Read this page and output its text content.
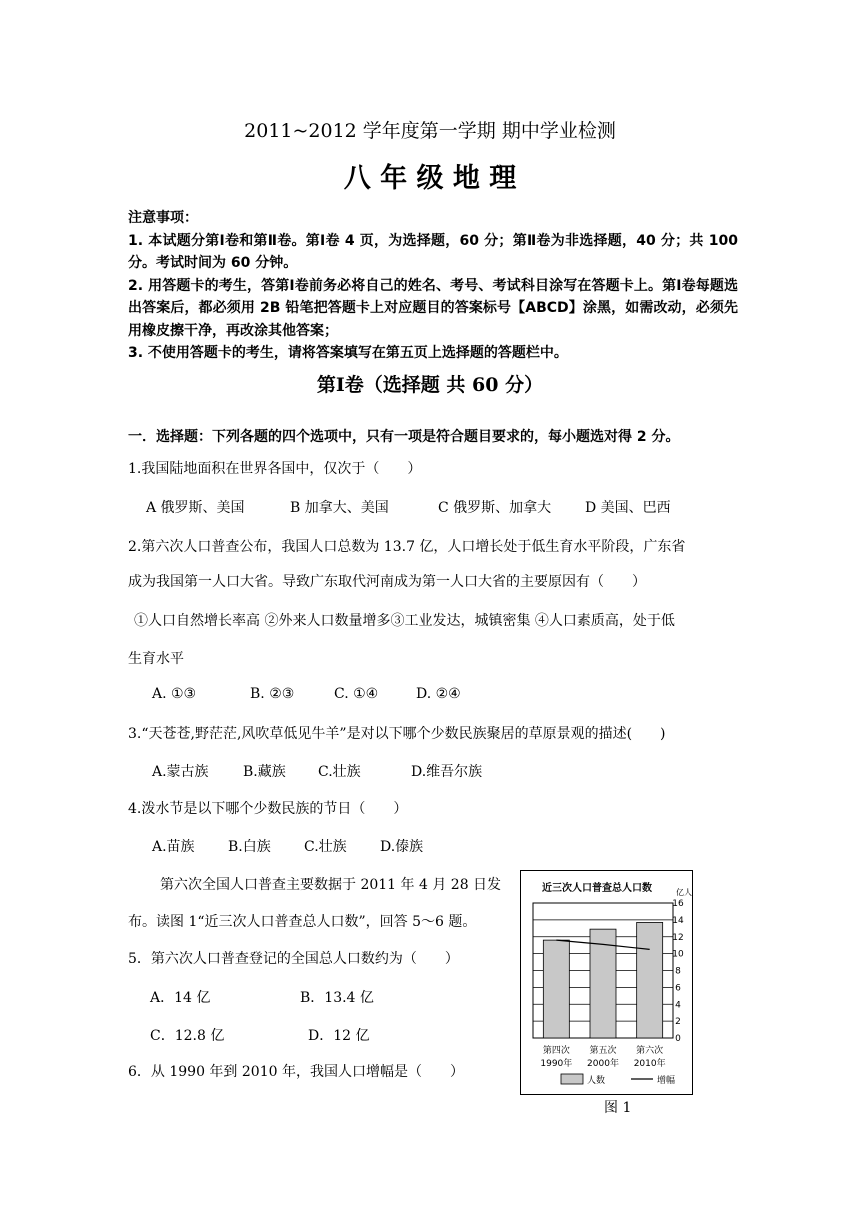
2011~2012 学年度第一学期 期中学业检测
八 年 级 地 理
注意事项：
1. 本试题分第Ⅰ卷和第Ⅱ卷。第Ⅰ卷 4 页，为选择题，60 分；第Ⅱ卷为非选择题，40 分；共 100 分。考试时间为 60 分钟。
2. 用答题卡的考生，答第Ⅰ卷前务必将自己的姓名、考号、考试科目涂写在答题卡上。第Ⅰ卷每题选出答案后，都必须用 2B 铅笔把答题卡上对应题目的答案标号【ABCD】涂黑，如需改动，必须先用橡皮擦干净，再改涂其他答案；
3. 不使用答题卡的考生，请将答案填写在第五页上选择题的答题栏中。
第Ⅰ卷（选择题 共 60 分）
一．选择题：下列各题的四个选项中，只有一项是符合题目要求的，每小题选对得 2 分。
1.我国陆地面积在世界各国中，仅次于（　　）
A 俄罗斯、美国	B 加拿大、美国	C 俄罗斯、加拿大 D 美国、巴西
2.第六次人口普查公布，我国人口总数为 13.7 亿，人口增长处于低生育水平阶段，广东省
成为我国第一人口大省。导致广东取代河南成为第一人口大省的主要原因有（　　）
①人口自然增长率高 ②外来人口数量增多③工业发达，城镇密集 ④人口素质高，处于低
生育水平
A. ①③	B. ②③	C. ①④	D. ②④
3.“天苍苍,野茫茫,风吹草低见牛羊”是对以下哪个少数民族聚居的草原景观的描述(　　)
A.蒙古族 B.藏族 C.壮族	D.维吾尔族
4.泼水节是以下哪个少数民族的节日（　　）
A.苗族 B.白族 C.壮族 D.傣族
第六次全国人口普查主要数据于 2011 年 4 月 28 日发
布。读图 1“近三次人口普查总人口数”，回答 5～6 题。
5．第六次人口普查登记的全国总人口数约为（　　）
A．14 亿	B．13.4 亿
C．12.8 亿	D．12 亿
6．从 1990 年到 2010 年，我国人口增幅是（　　）
近三次人口普查总人口数	亿人
16
14
12
10
8
6
4
2
0
第四次
1990年
第五次
2000年
第六次
2010年
人数	增幅
图 1
